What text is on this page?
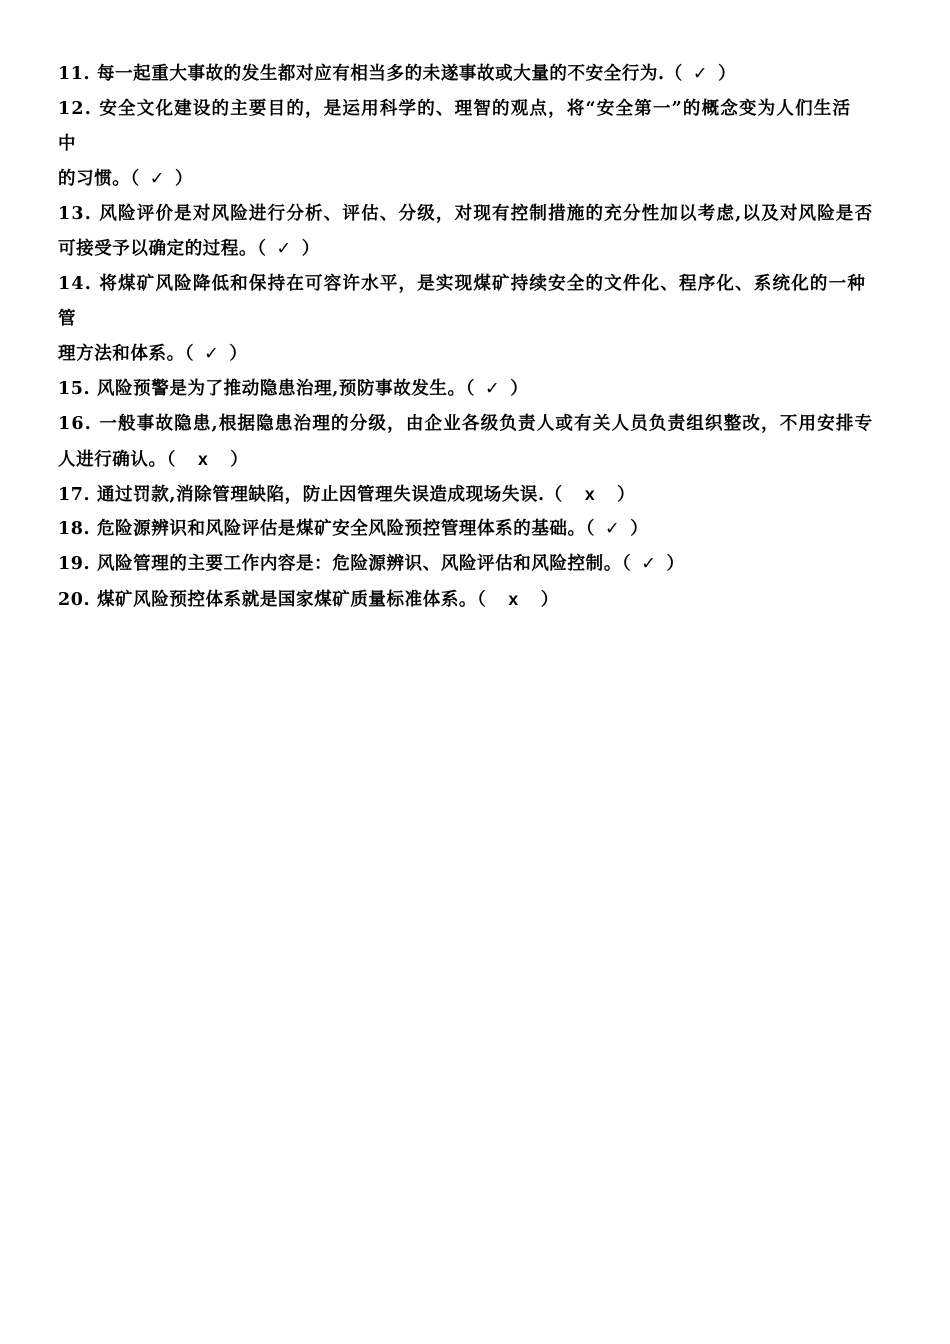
11. 每一起重大事故的发生都对应有相当多的未遂事故或大量的不安全行为.（ ✓ ）
12. 安全文化建设的主要目的，是运用科学的、理智的观点，将“安全第一”的概念变为人们生活
中
的习惯。（ ✓ ）
13. 风险评价是对风险进行分析、评估、分级，对现有控制措施的充分性加以考虑,以及对风险是否
可接受予以确定的过程。（ ✓ ）
14. 将煤矿风险降低和保持在可容许水平，是实现煤矿持续安全的文件化、程序化、系统化的一种
管
理方法和体系。（ ✓ ）
15. 风险预警是为了推动隐患治理,预防事故发生。（ ✓ ）
16. 一般事故隐患,根据隐患治理的分级，由企业各级负责人或有关人员负责组织整改，不用安排专
人进行确认。（ x ）
17. 通过罚款,消除管理缺陷，防止因管理失误造成现场失误.（ x ）
18. 危险源辨识和风险评估是煤矿安全风险预控管理体系的基础。（ ✓ ）
19. 风险管理的主要工作内容是：危险源辨识、风险评估和风险控制。（ ✓ ）
20. 煤矿风险预控体系就是国家煤矿质量标准体系。（ x ）
